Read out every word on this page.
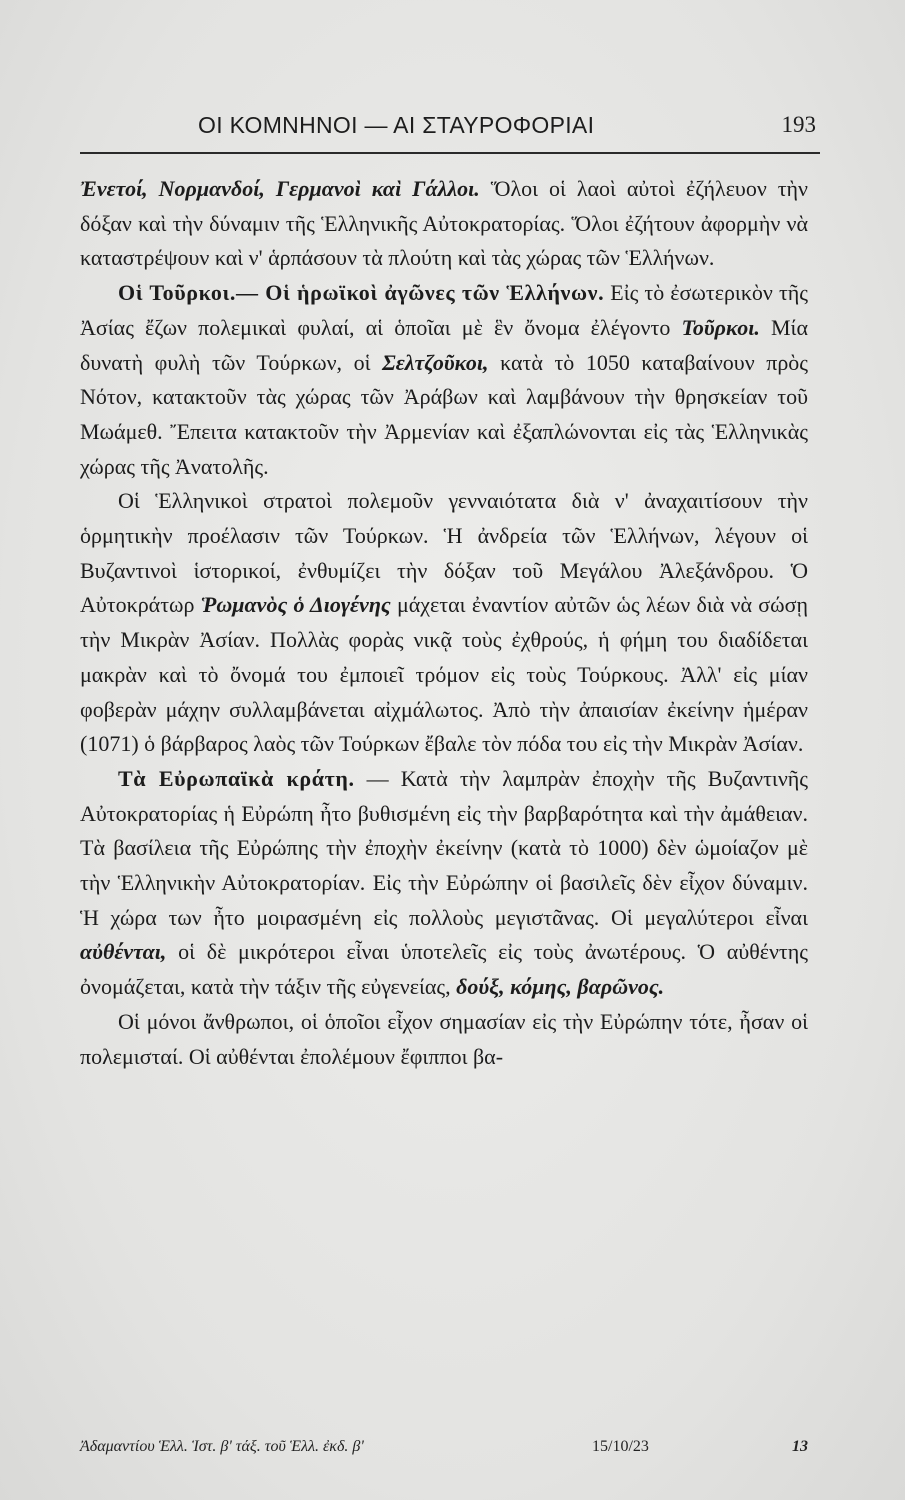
ΟΙ ΚΟΜΝΗΝΟΙ — ΑΙ ΣΤΑΥΡΟΦΟΡΙΑΙ	193

Ἐνετοί, Νορμανδοί, Γερμανοὶ καὶ Γάλλοι. Ὅλοι οἱ λαοὶ αὐτοὶ ἐζήλευον τὴν δόξαν καὶ τὴν δύναμιν τῆς Ἑλληνικῆς Αὐτοκρατορίας. Ὅλοι ἐζήτουν ἀφορμὴν νὰ καταστρέψουν καὶ ν' ἁρπάσουν τὰ πλούτη καὶ τὰς χώρας τῶν Ἑλλήνων.

Οἱ Τοῦρκοι.— Οἱ ἡρωϊκοὶ ἀγῶνες τῶν Ἑλλήνων. Εἰς τὸ ἐσωτερικὸν τῆς Ἀσίας ἔζων πολεμικαὶ φυλαί, αἱ ὁποῖαι μὲ ἓν ὄνομα ἐλέγοντο Τοῦρκοι. Μία δυνατὴ φυλὴ τῶν Τούρκων, οἱ Σελτζοῦκοι, κατὰ τὸ 1050 καταβαίνουν πρὸς Νότον, κατακτοῦν τὰς χώρας τῶν Ἀράβων καὶ λαμβάνουν τὴν θρησκείαν τοῦ Μωάμεθ. Ἔπειτα κατακτοῦν τὴν Ἀρμενίαν καὶ ἐξαπλώνονται εἰς τὰς Ἑλληνικὰς χώρας τῆς Ἀνατολῆς.

Οἱ Ἑλληνικοὶ στρατοὶ πολεμοῦν γενναιότατα διὰ ν' ἀναχαιτίσουν τὴν ὁρμητικὴν προέλασιν τῶν Τούρκων. Ἡ ἀνδρεία τῶν Ἑλλήνων, λέγουν οἱ Βυζαντινοὶ ἱστορικοί, ἐνθυμίζει τὴν δόξαν τοῦ Μεγάλου Ἀλεξάνδρου. Ὁ Αὐτοκράτωρ Ῥωμανὸς ὁ Διογένης μάχεται ἐναντίον αὐτῶν ὡς λέων διὰ νὰ σώσῃ τὴν Μικρὰν Ἀσίαν. Πολλὰς φορὰς νικᾷ τοὺς ἐχθρούς, ἡ φήμη του διαδίδεται μακρὰν καὶ τὸ ὄνομά του ἐμποιεῖ τρόμον εἰς τοὺς Τούρκους. Ἀλλ' εἰς μίαν φοβερὰν μάχην συλλαμβάνεται αἰχμάλωτος. Ἀπὸ τὴν ἀπαισίαν ἐκείνην ἡμέραν (1071) ὁ βάρβαρος λαὸς τῶν Τούρκων ἔβαλε τὸν πόδα του εἰς τὴν Μικρὰν Ἀσίαν.

Τὰ Εὐρωπαϊκὰ κράτη. — Κατὰ τὴν λαμπρὰν ἐποχὴν τῆς Βυζαντινῆς Αὐτοκρατορίας ἡ Εὐρώπη ἦτο βυθισμένη εἰς τὴν βαρβαρότητα καὶ τὴν ἀμάθειαν. Τὰ βασίλεια τῆς Εὐρώπης τὴν ἐποχὴν ἐκείνην (κατὰ τὸ 1000) δὲν ὡμοίαζον μὲ τὴν Ἑλληνικὴν Αὐτοκρατορίαν. Εἰς τὴν Εὐρώπην οἱ βασιλεῖς δὲν εἶχον δύναμιν. Ἡ χώρα των ἦτο μοιρασμένη εἰς πολλοὺς μεγιστᾶνας. Οἱ μεγαλύτεροι εἶναι αὐθένται, οἱ δὲ μικρότεροι εἶναι ὑποτελεῖς εἰς τοὺς ἀνωτέρους. Ὁ αὐθέντης ὀνομάζεται, κατὰ τὴν τάξιν τῆς εὐγενείας, δούξ, κόμης, βαρῶνος.

Οἱ μόνοι ἄνθρωποι, οἱ ὁποῖοι εἶχον σημασίαν εἰς τὴν Εὐρώπην τότε, ἦσαν οἱ πολεμισταί. Οἱ αὐθένται ἐπολέμουν ἔφιπποι βα-

Ἀδαμαντίου Ἑλλ. Ἱστ. β' τάξ. τοῦ Ἑλλ. ἐκδ. β'	15/10/23	13
